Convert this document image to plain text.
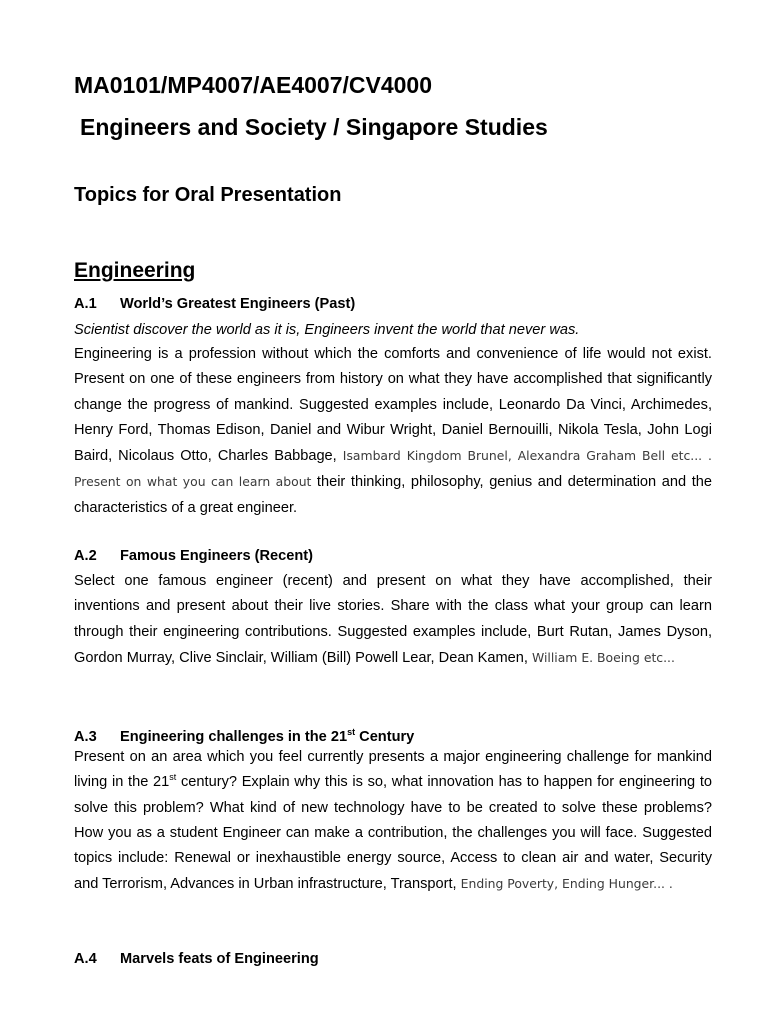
MA0101/MP4007/AE4007/CV4000
Engineers and Society / Singapore Studies
Topics for Oral Presentation
Engineering
A.1 World’s Greatest Engineers (Past)

Scientist discover the world as it is, Engineers invent the world that never was.

Engineering is a profession without which the comforts and convenience of life would not exist. Present on one of these engineers from history on what they have accomplished that significantly change the progress of mankind. Suggested examples include, Leonardo Da Vinci, Archimedes, Henry Ford, Thomas Edison, Daniel and Wibur Wright, Daniel Bernouilli, Nikola Tesla, John Logi Baird, Nicolaus Otto, Charles Babbage, Isambard Kingdom Brunel, Alexandra Graham Bell etc... . Present on what you can learn about their thinking, philosophy, genius and determination and the characteristics of a great engineer.

A.2 Famous Engineers (Recent)

Select one famous engineer (recent) and present on what they have accomplished, their inventions and present about their live stories. Share with the class what your group can learn through their engineering contributions. Suggested examples include, Burt Rutan, James Dyson, Gordon Murray, Clive Sinclair, William (Bill) Powell Lear, Dean Kamen, William E. Boeing etc...

A.3 Engineering challenges in the 21st Century

Present on an area which you feel currently presents a major engineering challenge for mankind living in the 21st century? Explain why this is so, what innovation has to happen for engineering to solve this problem? What kind of new technology have to be created to solve these problems? How you as a student Engineer can make a contribution, the challenges you will face. Suggested topics include: Renewal or inexhaustible energy source, Access to clean air and water, Security and Terrorism, Advances in Urban infrastructure, Transport, Ending Poverty, Ending Hunger... .

A.4 Marvels feats of Engineering
